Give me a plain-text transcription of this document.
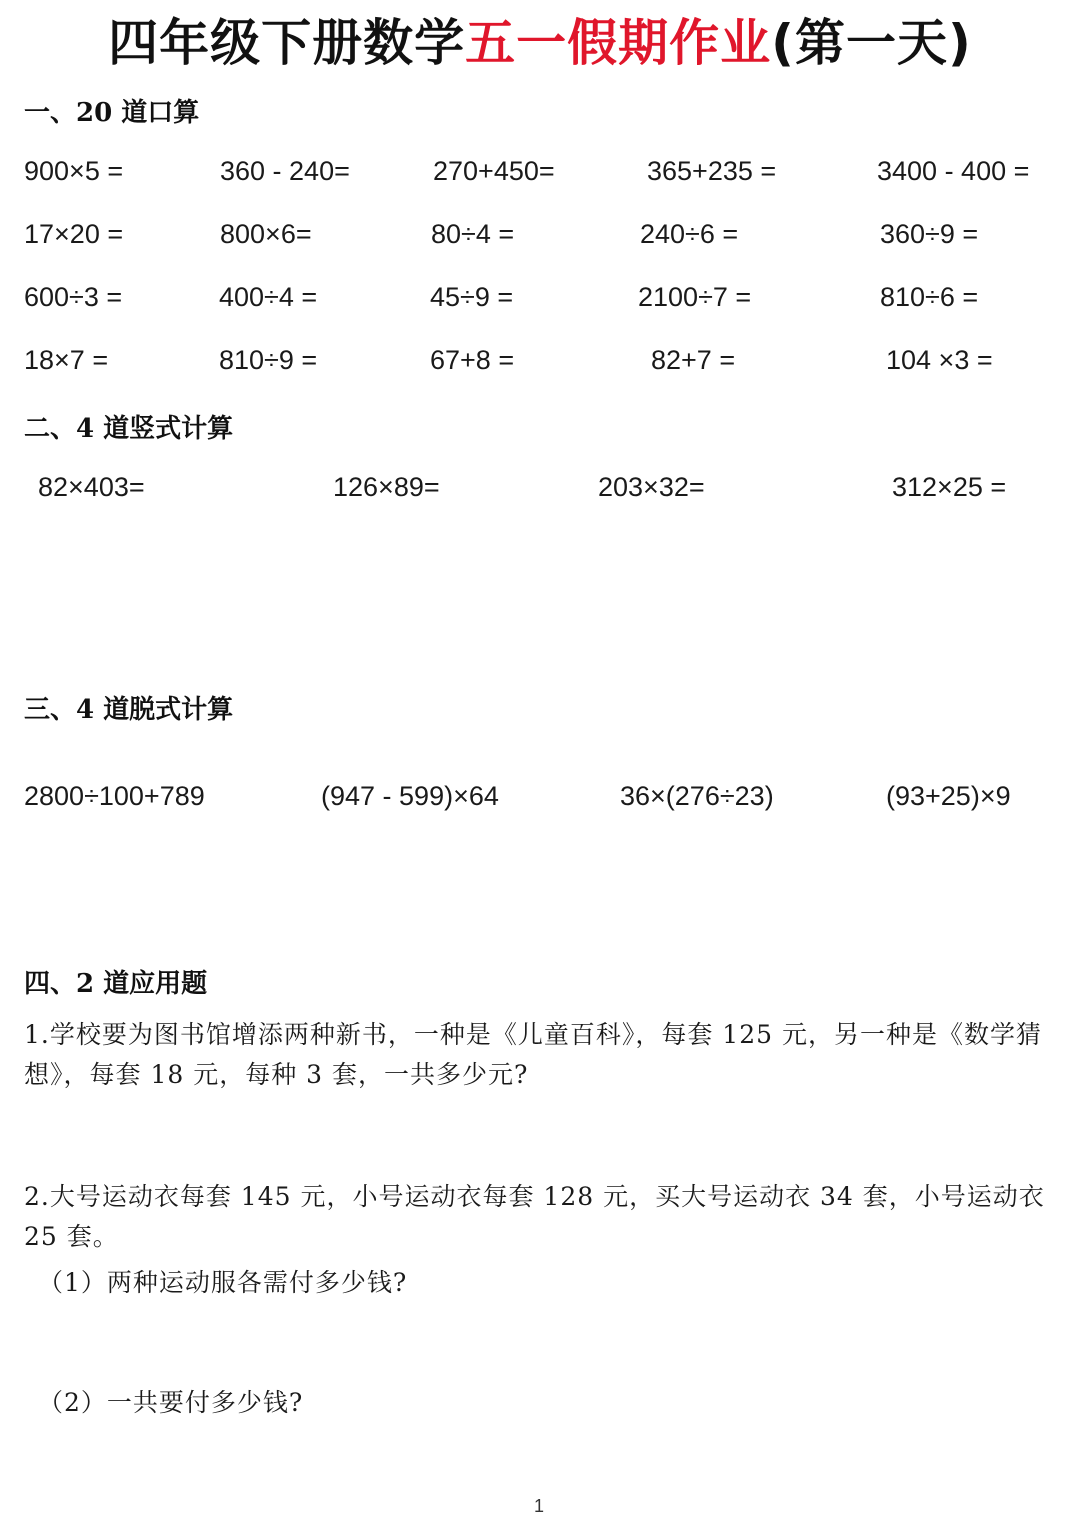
四年级下册数学五一假期作业(第一天)
一、20 道口算
900×5 =	360 - 240=	270+450=	365+235 =	3400 - 400 =
17×20 =	800×6=	80÷4 =	240÷6 =	360÷9 =
600÷3 =	400÷4 =	45÷9 =	2100÷7 =	810÷6 =
18×7 =	810÷9 =	67+8 =	82+7 =	104 ×3 =
二、4 道竖式计算
82×403=	126×89=	203×32=	312×25 =
三、4 道脱式计算
2800÷100+789	(947 - 599)×64	36×(276÷23)	(93+25)×9
四、2 道应用题
1.学校要为图书馆增添两种新书，一种是《儿童百科》，每套 125 元，另一种是《数学猜想》，每套 18 元，每种 3 套，一共多少元?
2.大号运动衣每套 145 元，小号运动衣每套 128 元，买大号运动衣 34 套，小号运动衣 25 套。
（1）两种运动服各需付多少钱?
（2）一共要付多少钱?
1
